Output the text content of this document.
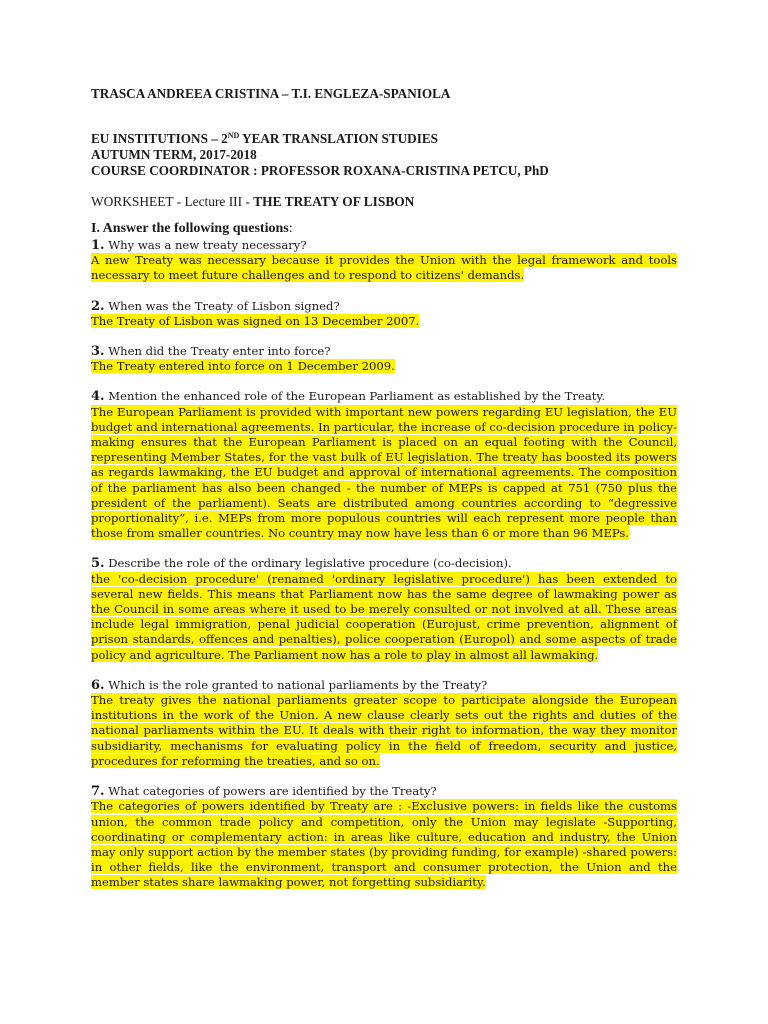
TRASCA ANDREEA CRISTINA – T.I. ENGLEZA-SPANIOLA

EU INSTITUTIONS – 2ND YEAR TRANSLATION STUDIES

AUTUMN TERM, 2017-2018

COURSE COORDINATOR : PROFESSOR ROXANA-CRISTINA PETCU, PhD

WORKSHEET - Lecture III - THE TREATY OF LISBON

I. Answer the following questions:

1. Why was a new treaty necessary?

A new Treaty was necessary because it provides the Union with the legal framework and tools necessary to meet future challenges and to respond to citizens' demands.

2. When was the Treaty of Lisbon signed?

The Treaty of Lisbon was signed on 13 December 2007.

3. When did the Treaty enter into force?

The Treaty entered into force on 1 December 2009.

4. Mention the enhanced role of the European Parliament as established by the Treaty.

The European Parliament is provided with important new powers regarding EU legislation, the EU budget and international agreements. In particular, the increase of co-decision procedure in policy-making ensures that the European Parliament is placed on an equal footing with the Council, representing Member States, for the vast bulk of EU legislation. The treaty has boosted its powers as regards lawmaking, the EU budget and approval of international agreements. The composition of the parliament has also been changed - the number of MEPs is capped at 751 (750 plus the president of the parliament). Seats are distributed among countries according to “degressive proportionality”, i.e. MEPs from more populous countries will each represent more people than those from smaller countries. No country may now have less than 6 or more than 96 MEPs.

5. Describe the role of the ordinary legislative procedure (co-decision).

the 'co-decision procedure' (renamed 'ordinary legislative procedure') has been extended to several new fields. This means that Parliament now has the same degree of lawmaking power as the Council in some areas where it used to be merely consulted or not involved at all. These areas include legal immigration, penal judicial cooperation (Eurojust, crime prevention, alignment of prison standards, offences and penalties), police cooperation (Europol) and some aspects of trade policy and agriculture. The Parliament now has a role to play in almost all lawmaking.

6. Which is the role granted to national parliaments by the Treaty?

The treaty gives the national parliaments greater scope to participate alongside the European institutions in the work of the Union. A new clause clearly sets out the rights and duties of the national parliaments within the EU. It deals with their right to information, the way they monitor subsidiarity, mechanisms for evaluating policy in the field of freedom, security and justice, procedures for reforming the treaties, and so on.

7. What categories of powers are identified by the Treaty?

The categories of powers identified by Treaty are : -Exclusive powers: in fields like the customs union, the common trade policy and competition, only the Union may legislate -Supporting, coordinating or complementary action: in areas like culture, education and industry, the Union may only support action by the member states (by providing funding, for example) -shared powers: in other fields, like the environment, transport and consumer protection, the Union and the member states share lawmaking power, not forgetting subsidiarity.
